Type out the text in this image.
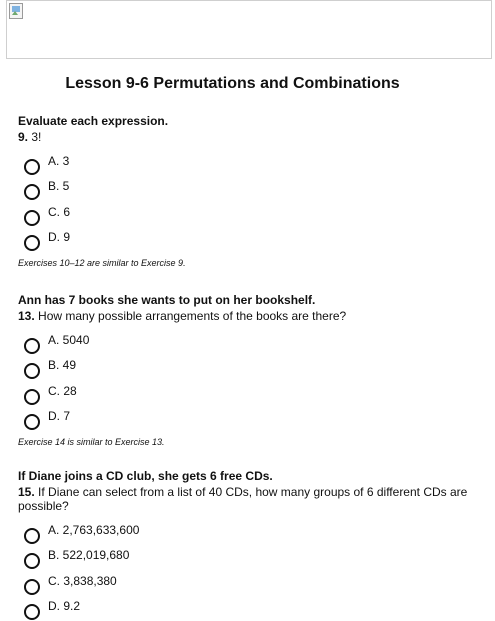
Lesson 9-6 Permutations and Combinations
Evaluate each expression.
9. 3!
A. 3
B. 5
C. 6
D. 9
Exercises 10–12 are similar to Exercise 9.
Ann has 7 books she wants to put on her bookshelf.
13. How many possible arrangements of the books are there?
A. 5040
B. 49
C. 28
D. 7
Exercise 14 is similar to Exercise 13.
If Diane joins a CD club, she gets 6 free CDs.
15. If Diane can select from a list of 40 CDs, how many groups of 6 different CDs are possible?
A. 2,763,633,600
B. 522,019,680
C. 3,838,380
D. 9.2
